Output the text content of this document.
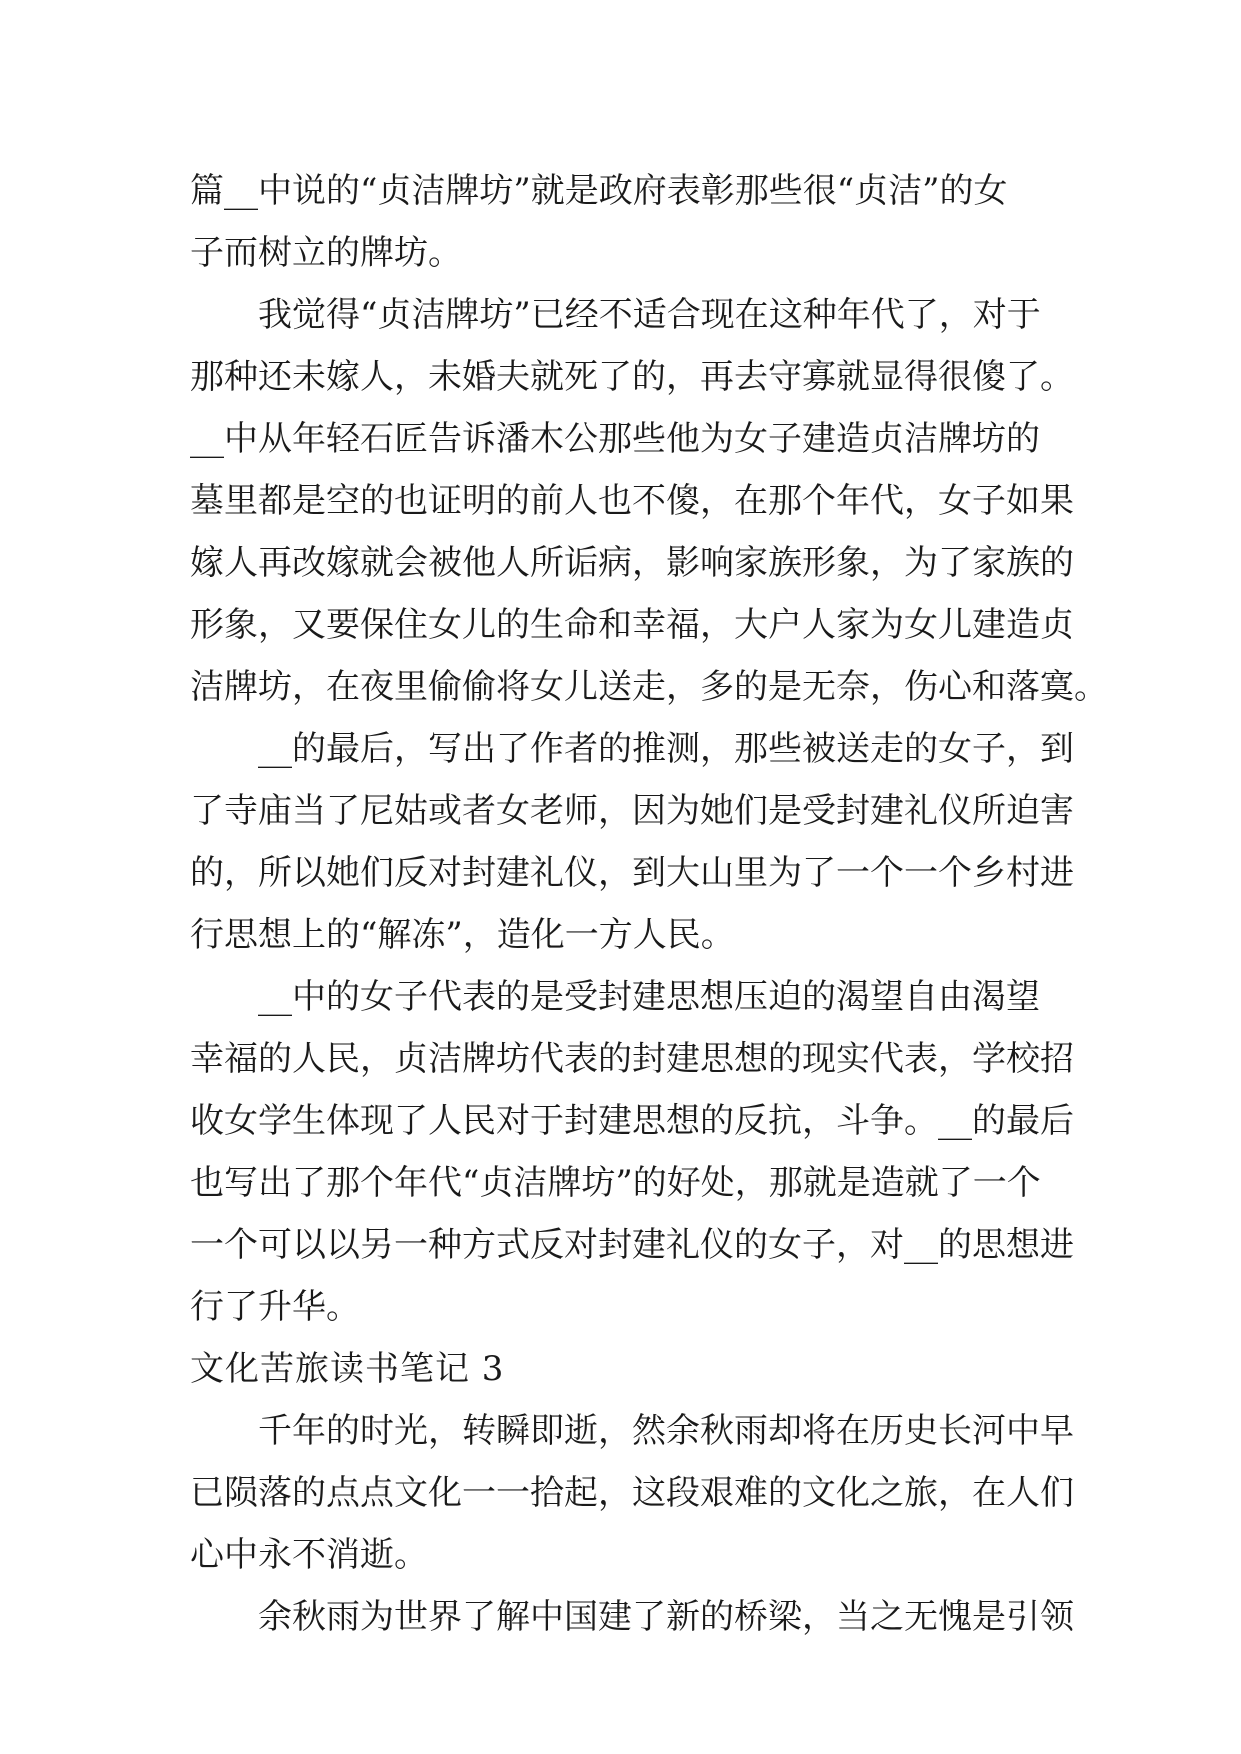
篇__中说的“贞洁牌坊”就是政府表彰那些很“贞洁”的女

子而树立的牌坊。

　　我觉得“贞洁牌坊”已经不适合现在这种年代了，对于

那种还未嫁人，未婚夫就死了的，再去守寡就显得很傻了。

__中从年轻石匠告诉潘木公那些他为女子建造贞洁牌坊的

墓里都是空的也证明的前人也不傻，在那个年代，女子如果

嫁人再改嫁就会被他人所诟病，影响家族形象，为了家族的

形象，又要保住女儿的生命和幸福，大户人家为女儿建造贞

洁牌坊，在夜里偷偷将女儿送走，多的是无奈，伤心和落寞。

　　__的最后，写出了作者的推测，那些被送走的女子，到

了寺庙当了尼姑或者女老师，因为她们是受封建礼仪所迫害

的，所以她们反对封建礼仪，到大山里为了一个一个乡村进

行思想上的“解冻”，造化一方人民。

　　__中的女子代表的是受封建思想压迫的渴望自由渴望

幸福的人民，贞洁牌坊代表的封建思想的现实代表，学校招

收女学生体现了人民对于封建思想的反抗，斗争。__的最后

也写出了那个年代“贞洁牌坊”的好处，那就是造就了一个

一个可以以另一种方式反对封建礼仪的女子，对__的思想进

行了升华。

文化苦旅读书笔记 3

　　千年的时光，转瞬即逝，然余秋雨却将在历史长河中早

已陨落的点点文化一一拾起，这段艰难的文化之旅，在人们

心中永不消逝。

　　余秋雨为世界了解中国建了新的桥梁，当之无愧是引领
